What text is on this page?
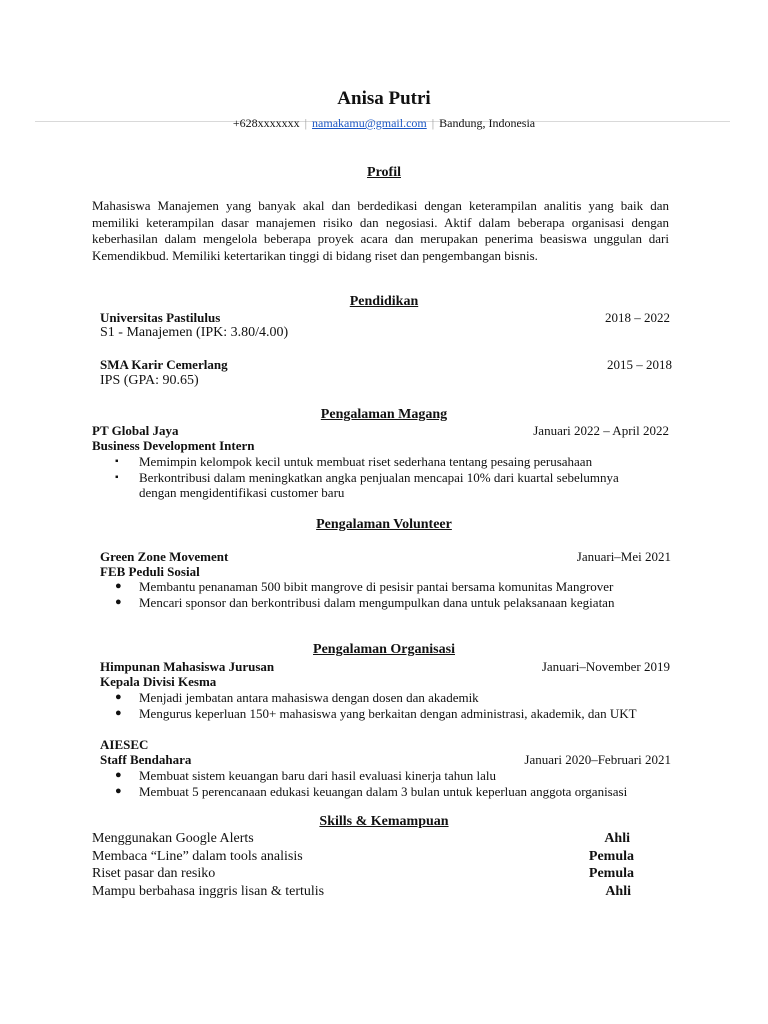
Anisa Putri
+628xxxxxxx | namakamu@gmail.com | Bandung, Indonesia
Profil
Mahasiswa Manajemen yang banyak akal dan berdedikasi dengan keterampilan analitis yang baik dan memiliki keterampilan dasar manajemen risiko dan negosiasi. Aktif dalam beberapa organisasi dengan keberhasilan dalam mengelola beberapa proyek acara dan merupakan penerima beasiswa unggulan dari Kemendikbud. Memiliki ketertarikan tinggi di bidang riset dan pengembangan bisnis.
Pendidikan
Universitas Pastilulus	2018 – 2022
S1 - Manajemen (IPK: 3.80/4.00)
SMA Karir Cemerlang	2015 – 2018
IPS (GPA: 90.65)
Pengalaman Magang
PT Global Jaya	Januari 2022 – April 2022
Business Development Intern
▪ Memimpin kelompok kecil untuk membuat riset sederhana tentang pesaing perusahaan
▪ Berkontribusi dalam meningkatkan angka penjualan mencapai 10% dari kuartal sebelumnya
dengan mengidentifikasi customer baru
Pengalaman Volunteer
Green Zone Movement	Januari–Mei 2021
FEB Peduli Sosial
● Membantu penanaman 500 bibit mangrove di pesisir pantai bersama komunitas Mangrover
● Mencari sponsor dan berkontribusi dalam mengumpulkan dana untuk pelaksanaan kegiatan
Pengalaman Organisasi
Himpunan Mahasiswa Jurusan	Januari–November 2019
Kepala Divisi Kesma
● Menjadi jembatan antara mahasiswa dengan dosen dan akademik
● Mengurus keperluan 150+ mahasiswa yang berkaitan dengan administrasi, akademik, dan UKT
AIESEC
Staff Bendahara	Januari 2020–Februari 2021
● Membuat sistem keuangan baru dari hasil evaluasi kinerja tahun lalu
● Membuat 5 perencanaan edukasi keuangan dalam 3 bulan untuk keperluan anggota organisasi
Skills & Kemampuan
Menggunakan Google Alerts	Ahli
Membaca “Line” dalam tools analisis	Pemula
Riset pasar dan resiko	Pemula
Mampu berbahasa inggris lisan & tertulis	Ahli
